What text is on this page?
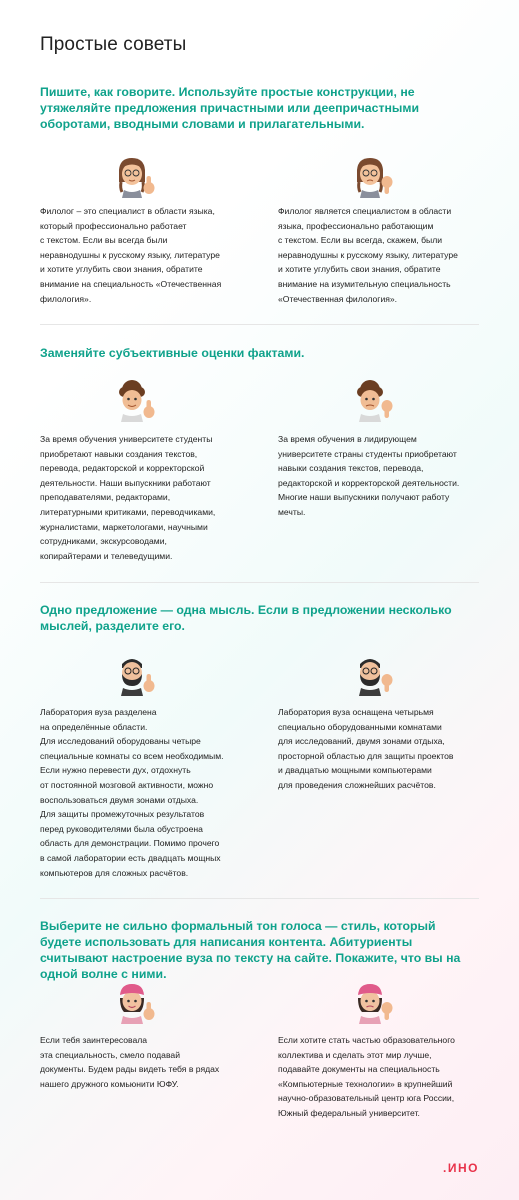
Простые советы
Пишите, как говорите. Используйте простые конструкции, не утяжеляйте предложения причастными или деепричастными оборотами, вводными словами и прилагательными.
Филолог – это специалист в области языка,
который профессионально работает
с текстом. Если вы всегда были
неравнодушны к русскому языку, литературе
и хотите углубить свои знания, обратите
внимание на специальность «Отечественная
филология».
Филолог является специалистом в области
языка, профессионально работающим
с текстом. Если вы всегда, скажем, были
неравнодушны к русскому языку, литературе
и хотите углубить свои знания, обратите
внимание на изумительную специальность
«Отечественная филология».
Заменяйте субъективные оценки фактами.
За время обучения университете студенты
приобретают навыки создания текстов,
перевода, редакторской и корректорской
деятельности. Наши выпускники работают
преподавателями, редакторами,
литературными критиками, переводчиками,
журналистами, маркетологами, научными
сотрудниками, экскурсоводами,
копирайтерами и телеведущими.
За время обучения в лидирующем
университете страны студенты приобретают
навыки создания текстов, перевода,
редакторской и корректорской деятельности.
Многие наши выпускники получают работу
мечты.
Одно предложение — одна мысль. Если в предложении несколько мыслей, разделите его.
Лаборатория вуза разделена
на определённые области.
Для исследований оборудованы четыре
специальные комнаты со всем необходимым.
Если нужно перевести дух, отдохнуть
от постоянной мозговой активности, можно
воспользоваться двумя зонами отдыха.
Для защиты промежуточных результатов
перед руководителями была обустроена
область для демонстрации. Помимо прочего
в самой лаборатории есть двадцать мощных
компьютеров для сложных расчётов.
Лаборатория вуза оснащена четырьмя
специально оборудованными комнатами
для исследований, двумя зонами отдыха,
просторной областью для защиты проектов
и двадцатью мощными компьютерами
для проведения сложнейших расчётов.
Выберите не сильно формальный тон голоса — стиль, который будете использовать для написания контента. Абитуриенты считывают настроение вуза по тексту на сайте. Покажите, что вы на одной волне с ними.
Если тебя заинтересовала
эта специальность, смело подавай
документы. Будем рады видеть тебя в рядах
нашего дружного комьюнити ЮФУ.
Если хотите стать частью образовательного
коллектива и сделать этот мир лучше,
подавайте документы на специальность
«Компьютерные технологии» в крупнейший
научно-образовательный центр юга России,
Южный федеральный университет.
.ИНО
